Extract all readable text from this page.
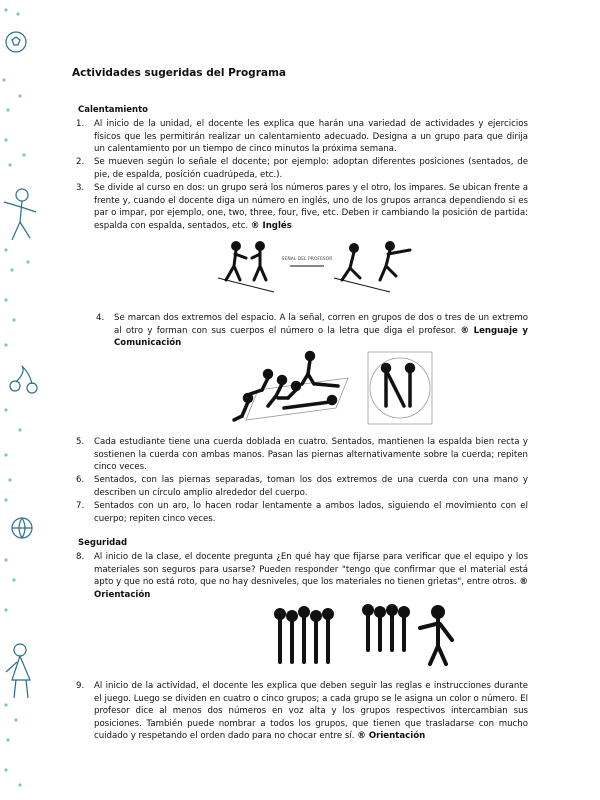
Actividades sugeridas del Programa
Calentamiento
1. Al inicio de la unidad, el docente les explica que harán una variedad de actividades y ejercicios físicos que les permitirán realizar un calentamiento adecuado. Designa a un grupo para que dirija un calentamiento por un tiempo de cinco minutos la próxima semana.
2. Se mueven según lo señale el docente; por ejemplo: adoptan diferentes posiciones (sentados, de pie, de espalda, posición cuadrúpeda, etc.).
3. Se divide al curso en dos: un grupo será los números pares y el otro, los impares. Se ubican frente a frente y, cuando el docente diga un número en inglés, uno de los grupos arranca dependiendo si es par o impar, por ejemplo, one, two, three, four, five, etc. Deben ir cambiando la posición de partida: espalda con espalda, sentados, etc. ® Inglés
SEÑAL DEL PROFESOR
4. Se marcan dos extremos del espacio. A la señal, corren en grupos de dos o tres de un extremo al otro y forman con sus cuerpos el número o la letra que diga el profesor. ® Lenguaje y Comunicación
5. Cada estudiante tiene una cuerda doblada en cuatro. Sentados, mantienen la espalda bien recta y sostienen la cuerda con ambas manos. Pasan las piernas alternativamente sobre la cuerda; repiten cinco veces.
6. Sentados, con las piernas separadas, toman los dos extremos de una cuerda con una mano y describen un círculo amplio alrededor del cuerpo.
7. Sentados con un aro, lo hacen rodar lentamente a ambos lados, siguiendo el movimiento con el cuerpo; repiten cinco veces.
Seguridad
8. Al inicio de la clase, el docente pregunta ¿En qué hay que fijarse para verificar que el equipo y los materiales son seguros para usarse? Pueden responder "tengo que confirmar que el material está apto y que no está roto, que no hay desniveles, que los materiales no tienen grietas", entre otros. ® Orientación
9. Al inicio de la actividad, el docente les explica que deben seguir las reglas e instrucciones durante el juego. Luego se dividen en cuatro o cinco grupos; a cada grupo se le asigna un color o número. El profesor dice al menos dos números en voz alta y los grupos respectivos intercambian sus posiciones. También puede nombrar a todos los grupos, que tienen que trasladarse con mucho cuidado y respetando el orden dado para no chocar entre sí. ® Orientación
